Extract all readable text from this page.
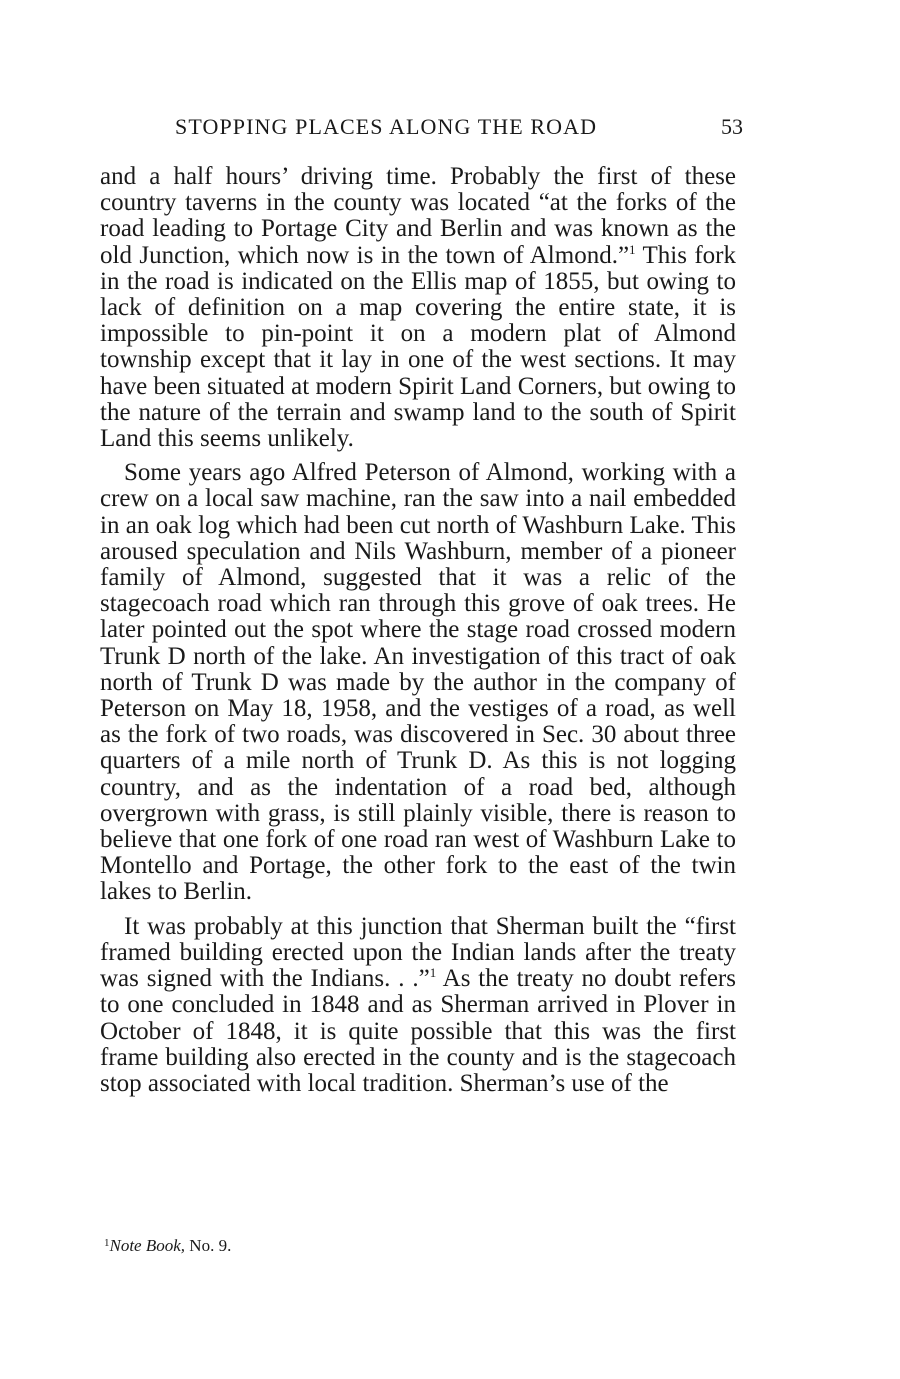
STOPPING PLACES ALONG THE ROAD	53

and a half hours’ driving time. Probably the first of these country taverns in the county was located “at the forks of the road leading to Portage City and Berlin and was known as the old Junction, which now is in the town of Almond.”$^1$ This fork in the road is indicated on the Ellis map of 1855, but owing to lack of definition on a map covering the entire state, it is impossible to pin-point it on a modern plat of Almond township except that it lay in one of the west sections. It may have been situated at modern Spirit Land Corners, but owing to the nature of the terrain and swamp land to the south of Spirit Land this seems unlikely.

Some years ago Alfred Peterson of Almond, working with a crew on a local saw machine, ran the saw into a nail embedded in an oak log which had been cut north of Washburn Lake. This aroused speculation and Nils Washburn, member of a pioneer family of Almond, suggested that it was a relic of the stagecoach road which ran through this grove of oak trees. He later pointed out the spot where the stage road crossed modern Trunk D north of the lake. An investigation of this tract of oak north of Trunk D was made by the author in the company of Peterson on May 18, 1958, and the vestiges of a road, as well as the fork of two roads, was discovered in Sec. 30 about three quarters of a mile north of Trunk D. As this is not logging country, and as the indentation of a road bed, although overgrown with grass, is still plainly visible, there is reason to believe that one fork of one road ran west of Washburn Lake to Montello and Portage, the other fork to the east of the twin lakes to Berlin.

It was probably at this junction that Sherman built the “first framed building erected upon the Indian lands after the treaty was signed with the Indians. . .”$^1$ As the treaty no doubt refers to one concluded in 1848 and as Sherman arrived in Plover in October of 1848, it is quite possible that this was the first frame building also erected in the county and is the stagecoach stop associated with local tradition. Sherman’s use of the

$^1$Note Book, No. 9.
